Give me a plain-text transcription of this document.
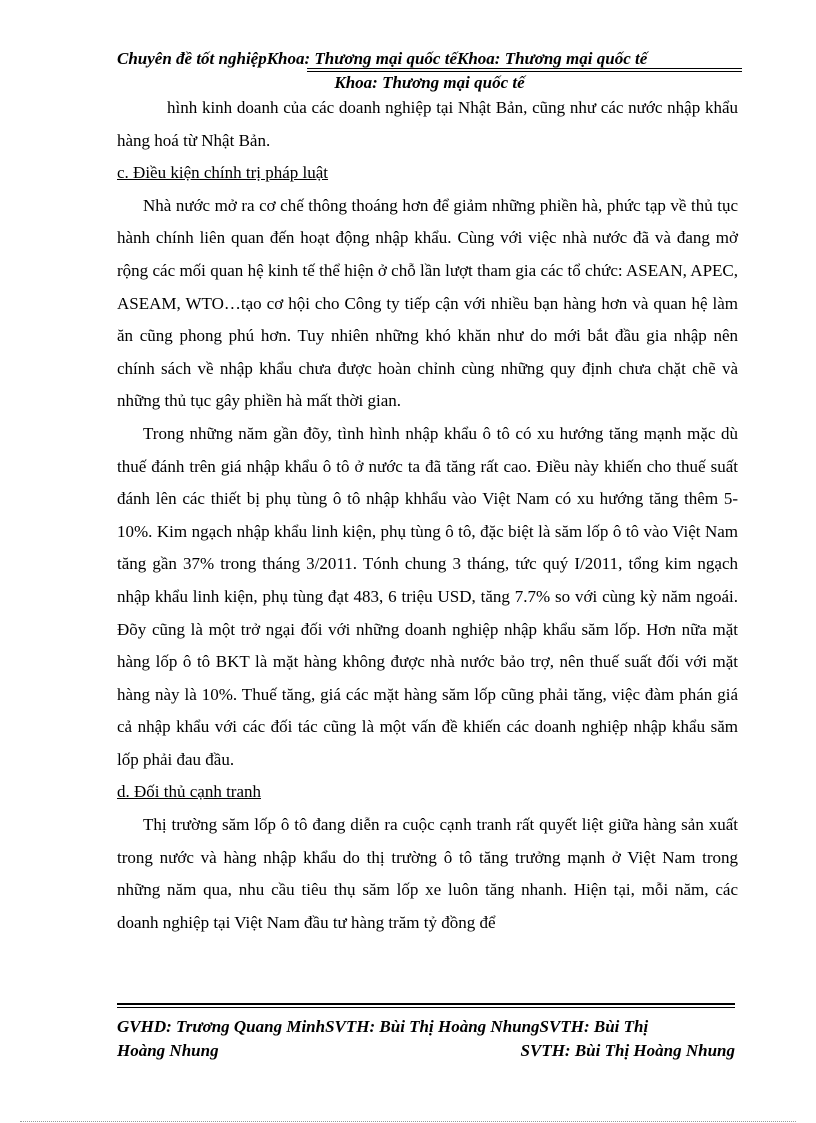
Chuyên đề tốt nghiệpKhoa: Thương mại quốc tếKhoa: Thương mại quốc tế
Khoa: Thương mại quốc tế

hình kinh doanh của các doanh nghiệp tại Nhật Bản, cũng như các nước nhập khẩu hàng hoá từ Nhật Bản.

c. Điều kiện chính trị pháp luật

Nhà nước mở ra cơ chế thông thoáng hơn để giảm những phiền hà, phức tạp về thủ tục hành chính liên quan đến hoạt động nhập khẩu. Cùng với việc nhà nước đã và đang mở rộng các mối quan hệ kinh tế thể hiện ở chỗ lần lượt tham gia các tổ chức: ASEAN, APEC, ASEAM, WTO…tạo cơ hội cho Công ty tiếp cận với nhiều bạn hàng hơn và quan hệ làm ăn cũng phong phú hơn. Tuy nhiên những khó khăn như do mới bắt đầu gia nhập nên chính sách về nhập khẩu chưa được hoàn chỉnh cùng những quy định chưa chặt chẽ và những thủ tục gây phiền hà mất thời gian.

Trong những năm gần đõy, tình hình nhập khẩu ô tô có xu hướng tăng mạnh mặc dù thuế đánh trên giá nhập khẩu ô tô ở nước ta đã tăng rất cao. Điều này khiến cho thuế suất đánh lên các thiết bị phụ tùng ô tô nhập khhẩu vào Việt Nam có xu hướng tăng thêm 5-10%. Kim ngạch nhập khẩu linh kiện, phụ tùng ô tô, đặc biệt là săm lốp ô tô vào Việt Nam tăng gần 37% trong tháng 3/2011. Tónh chung 3 tháng, tức quý I/2011, tổng kim ngạch nhập khẩu linh kiện, phụ tùng đạt 483, 6 triệu USD, tăng 7.7% so với cùng kỳ năm ngoái. Đõy cũng là một trở ngại đối với những doanh nghiệp nhập khẩu săm lốp. Hơn nữa mặt hàng lốp ô tô BKT là mặt hàng không được nhà nước bảo trợ, nên thuế suất đối với mặt hàng này là 10%. Thuế tăng, giá các mặt hàng săm lốp cũng phải tăng, việc đàm phán giá cả nhập khẩu với các đối tác cũng là một vấn đề khiến các doanh nghiệp nhập khẩu săm lốp phải đau đầu.

d. Đối thủ cạnh tranh

Thị trường săm lốp ô tô đang diễn ra cuộc cạnh tranh rất quyết liệt giữa hàng sản xuất trong nước và hàng nhập khẩu do thị trường ô tô tăng trưởng mạnh ở Việt Nam trong những năm qua, nhu cầu tiêu thụ săm lốp xe luôn tăng nhanh. Hiện tại, mỗi năm, các doanh nghiệp tại Việt Nam đầu tư hàng trăm tỷ đồng để

GVHD: Trương Quang MinhSVTH: Bùi Thị Hoàng NhungSVTH: Bùi Thị
Hoàng Nhung	SVTH: Bùi Thị Hoàng Nhung
